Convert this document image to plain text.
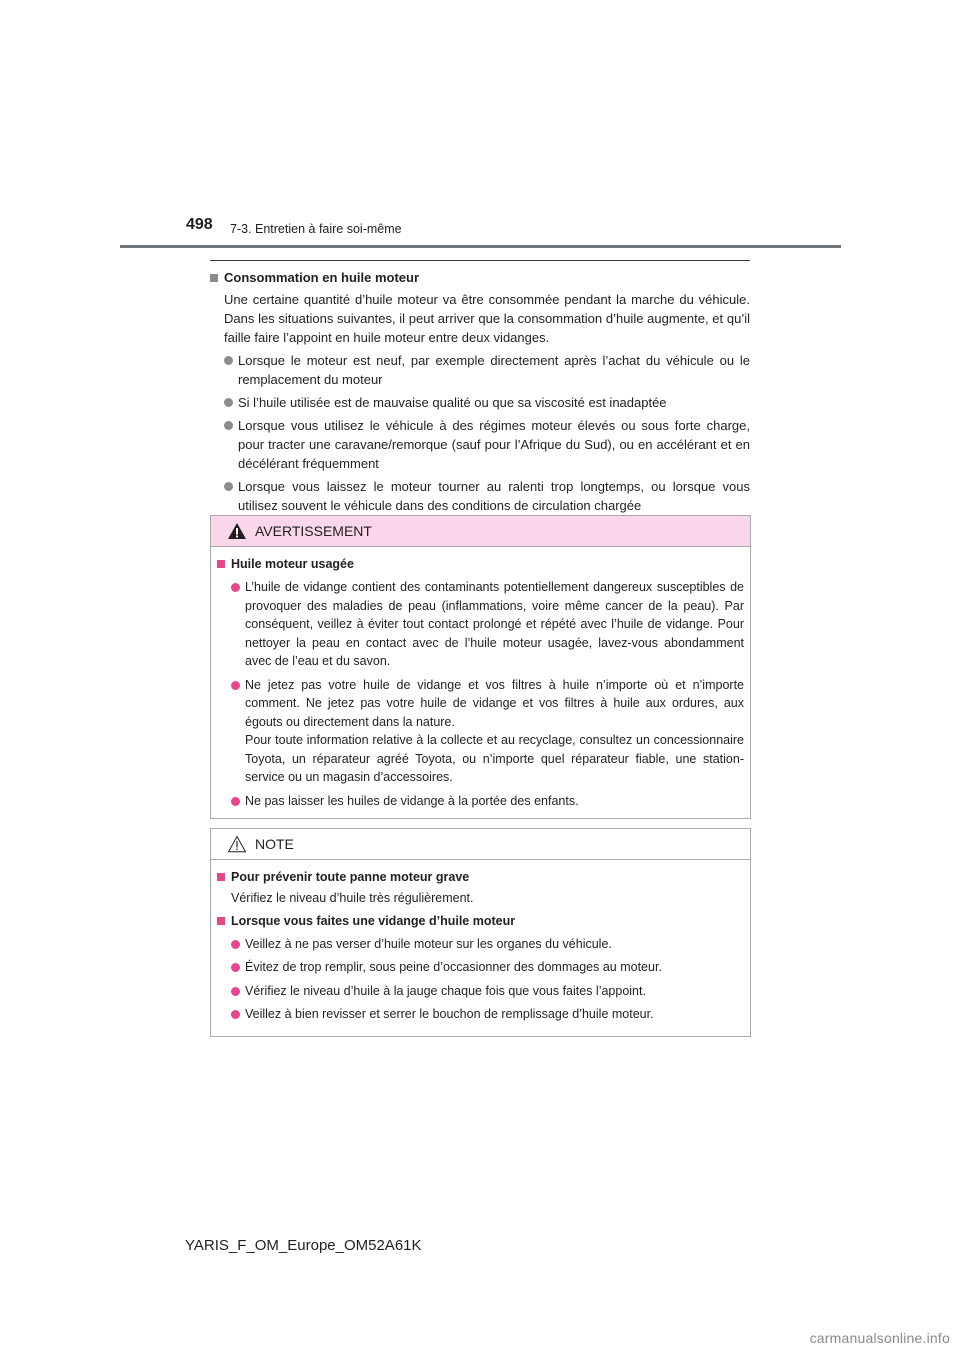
498 7-3. Entretien à faire soi-même
Consommation en huile moteur
Une certaine quantité d’huile moteur va être consommée pendant la marche du véhicule. Dans les situations suivantes, il peut arriver que la consommation d’huile augmente, et qu’il faille faire l’appoint en huile moteur entre deux vidanges.
Lorsque le moteur est neuf, par exemple directement après l’achat du véhicule ou le remplacement du moteur
Si l’huile utilisée est de mauvaise qualité ou que sa viscosité est inadaptée
Lorsque vous utilisez le véhicule à des régimes moteur élevés ou sous forte charge, pour tracter une caravane/remorque (sauf pour l’Afrique du Sud), ou en accélérant et en décélérant fréquemment
Lorsque vous laissez le moteur tourner au ralenti trop longtemps, ou lorsque vous utilisez souvent le véhicule dans des conditions de circulation chargée
AVERTISSEMENT
Huile moteur usagée
L’huile de vidange contient des contaminants potentiellement dangereux susceptibles de provoquer des maladies de peau (inflammations, voire même cancer de la peau). Par conséquent, veillez à éviter tout contact prolongé et répété avec l’huile de vidange. Pour nettoyer la peau en contact avec de l’huile moteur usagée, lavez-vous abondamment avec de l’eau et du savon.
Ne jetez pas votre huile de vidange et vos filtres à huile n’importe où et n’importe comment. Ne jetez pas votre huile de vidange et vos filtres à huile aux ordures, aux égouts ou directement dans la nature.
Pour toute information relative à la collecte et au recyclage, consultez un concessionnaire Toyota, un réparateur agréé Toyota, ou n’importe quel réparateur fiable, une station-service ou un magasin d’accessoires.
Ne pas laisser les huiles de vidange à la portée des enfants.
NOTE
Pour prévenir toute panne moteur grave
Vérifiez le niveau d’huile très régulièrement.
Lorsque vous faites une vidange d’huile moteur
Veillez à ne pas verser d’huile moteur sur les organes du véhicule.
Évitez de trop remplir, sous peine d’occasionner des dommages au moteur.
Vérifiez le niveau d’huile à la jauge chaque fois que vous faites l’appoint.
Veillez à bien revisser et serrer le bouchon de remplissage d’huile moteur.
YARIS_F_OM_Europe_OM52A61K
carmanualsonline.info
